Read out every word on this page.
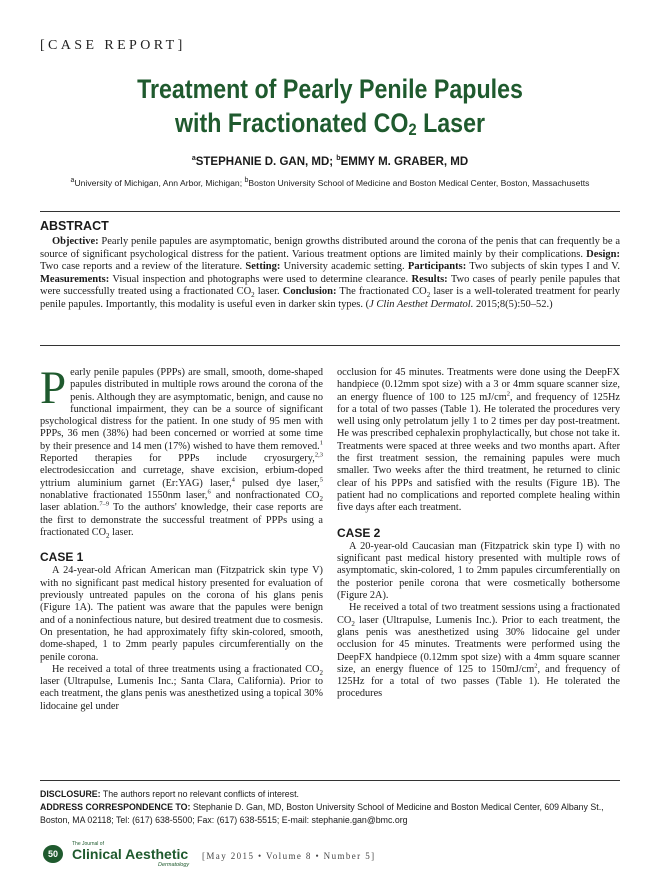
[CASE REPORT]
Treatment of Pearly Penile Papules
with Fractionated $CO_2$ Laser
$^a$STEPHANIE D. GAN, MD; $^b$EMMY M. GRABER, MD
$^a$University of Michigan, Ann Arbor, Michigan; $^b$Boston University School of Medicine and Boston Medical Center, Boston, Massachusetts
ABSTRACT

Objective: Pearly penile papules are asymptomatic, benign growths distributed around the corona of the penis that can frequently be a source of significant psychological distress for the patient. Various treatment options are limited mainly by their complications. Design: Two case reports and a review of the literature. Setting: University academic setting. Participants: Two subjects of skin types I and V. Measurements: Visual inspection and photographs were used to determine clearance. Results: Two cases of pearly penile papules that were successfully treated using a fractionated $CO_2$ laser. Conclusion: The fractionated $CO_2$ laser is a well-tolerated treatment for pearly penile papules. Importantly, this modality is useful even in darker skin types. (J Clin Aesthet Dermatol. 2015;8(5):50–52.)

Pearly penile papules (PPPs) are small, smooth, dome-shaped papules distributed in multiple rows around the corona of the penis. Although they are asymptomatic, benign, and cause no functional impairment, they can be a source of significant psychological distress for the patient. In one study of 95 men with PPPs, 36 men (38%) had been concerned or worried at some time by their presence and 14 men (17%) wished to have them removed.$^1$ Reported therapies for PPPs include cryosurgery,$^{2,3}$ electrodesiccation and curretage, shave excision, erbium-doped yttrium aluminium garnet (Er:YAG) laser,$^4$ pulsed dye laser,$^5$ nonablative fractionated 1550nm laser,$^6$ and nonfractionated $CO_2$ laser ablation.$^{7-9}$ To the authors' knowledge, their case reports are the first to demonstrate the successful treatment of PPPs using a fractionated $CO_2$ laser.

CASE 1

A 24-year-old African American man (Fitzpatrick skin type V) with no significant past medical history presented for evaluation of previously untreated papules on the corona of his glans penis (Figure 1A). The patient was aware that the papules were benign and of a noninfectious nature, but desired treatment due to cosmesis. On presentation, he had approximately fifty skin-colored, smooth, dome-shaped, 1 to 2mm pearly papules circumferentially on the penile corona.

He received a total of three treatments using a fractionated $CO_2$ laser (Ultrapulse, Lumenis Inc.; Santa Clara, California). Prior to each treatment, the glans penis was anesthetized using a topical 30% lidocaine gel under

occlusion for 45 minutes. Treatments were done using the DeepFX handpiece (0.12mm spot size) with a 3 or 4mm square scanner size, an energy fluence of 100 to 125 $mJ/cm^2$, and frequency of 125Hz for a total of two passes (Table 1). He tolerated the procedures very well using only petrolatum jelly 1 to 2 times per day post-treatment. He was prescribed cephalexin prophylactically, but chose not take it. Treatments were spaced at three weeks and two months apart. After the first treatment session, the remaining papules were much smaller. Two weeks after the third treatment, he returned to clinic clear of his PPPs and satisfied with the results (Figure 1B). The patient had no complications and reported complete healing within five days after each treatment.

CASE 2

A 20-year-old Caucasian man (Fitzpatrick skin type I) with no significant past medical history presented with multiple rows of asymptomatic, skin-colored, 1 to 2mm papules circumferentially on the posterior penile corona that were cosmetically bothersome (Figure 2A).

He received a total of two treatment sessions using a fractionated $CO_2$ laser (Ultrapulse, Lumenis Inc.). Prior to each treatment, the glans penis was anesthetized using 30% lidocaine gel under occlusion for 45 minutes. Treatments were performed using the DeepFX handpiece (0.12mm spot size) with a 4mm square scanner size, an energy fluence of 125 to $150mJ/cm^2$, and frequency of 125Hz for a total of two passes (Table 1). He tolerated the procedures

DISCLOSURE: The authors report no relevant conflicts of interest.
ADDRESS CORRESPONDENCE TO: Stephanie D. Gan, MD, Boston University School of Medicine and Boston Medical Center, 609 Albany St., Boston, MA 02118; Tel: (617) 638-5500; Fax: (617) 638-5515; E-mail: stephanie.gan@bmc.org
50
The Journal of
Clinical Aesthetic
Dermatology
[May 2015 • Volume 8 • Number 5]
